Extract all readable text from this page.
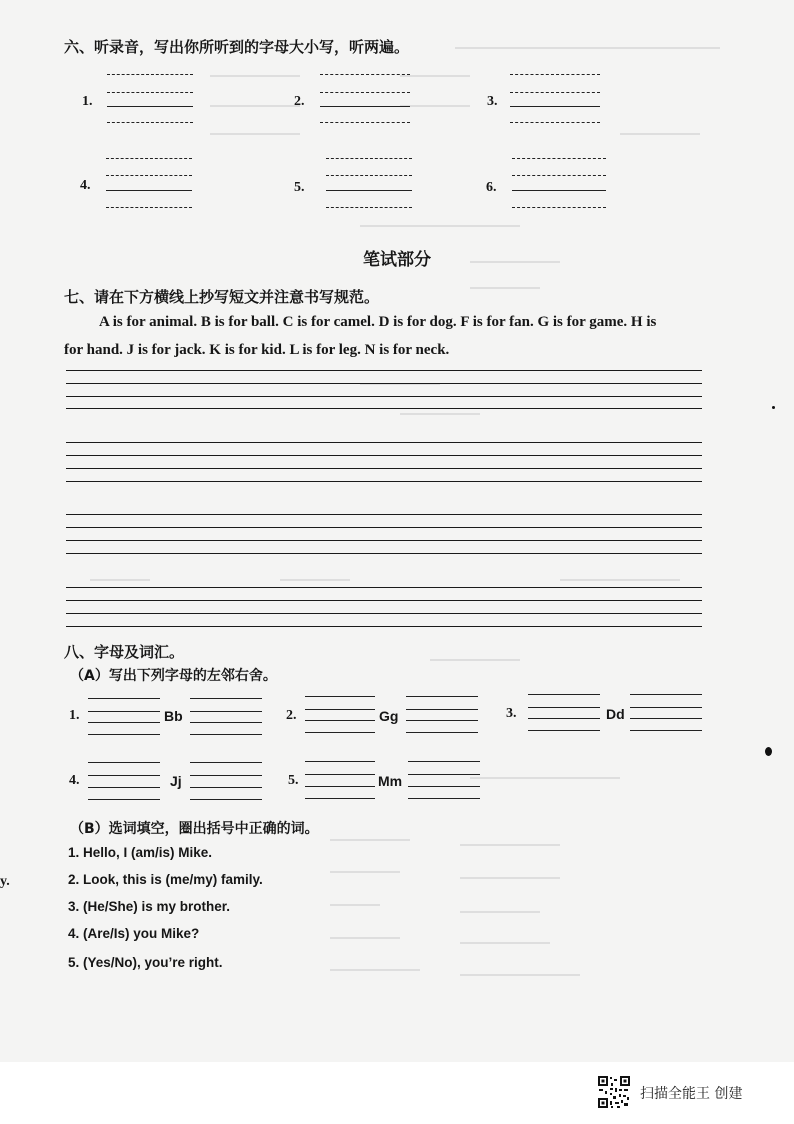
六、听录音，写出你所听到的字母大小写，听两遍。
1.	2.	3.
4.	5.	6.
笔试部分
七、请在下方横线上抄写短文并注意书写规范。
A is for animal. B is for ball. C is for camel. D is for dog. F is for fan. G is for game. H is
for hand. J is for jack. K is for kid. L is for leg. N is for neck.
八、字母及词汇。
（A）写出下列字母的左邻右舍。
1.	Bb	2.	Gg	3.	Dd
4.	Jj	5.	Mm
（B）选词填空，圈出括号中正确的词。
1. Hello, I (am/is) Mike.
2. Look, this is (me/my) family.
3. (He/She) is my brother.
4. (Are/Is) you Mike?
5. (Yes/No), you’re right.
y.
扫描全能王 创建
